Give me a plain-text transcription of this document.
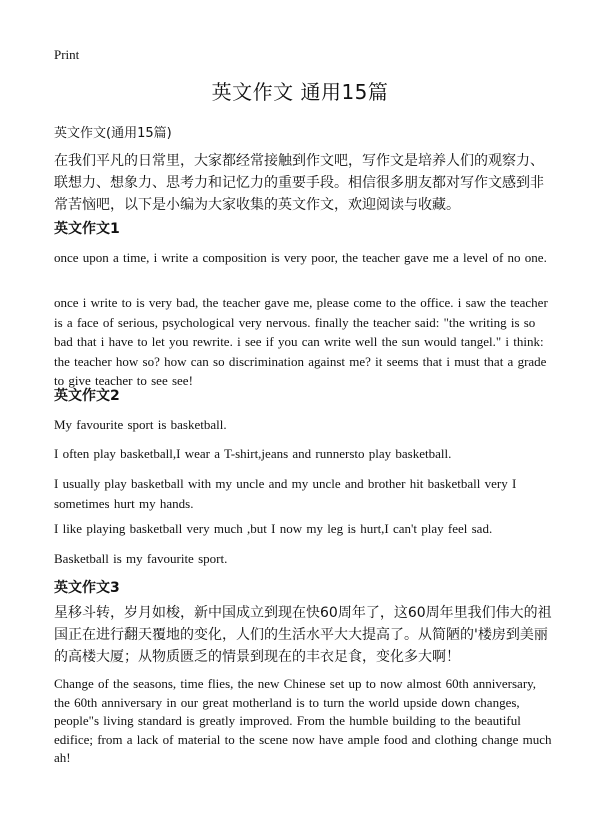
Print
英文作文 通用15篇
英文作文(通用15篇)
在我们平凡的日常里，大家都经常接触到作文吧，写作文是培养人们的观察力、联想力、想象力、思考力和记忆力的重要手段。相信很多朋友都对写作文感到非常苦恼吧，以下是小编为大家收集的英文作文，欢迎阅读与收藏。
英文作文1
once upon a time, i write a composition is very poor, the teacher gave me a level of no one.
once i write to is very bad, the teacher gave me, please come to the office. i saw the teacher is a face of serious, psychological very nervous. finally the teacher said: "the writing is so bad that i have to let you rewrite. i see if you can write well the sun would tangel." i think: the teacher how so? how can so discrimination against me? it seems that i must that a grade to give teacher to see see!
英文作文2
My favourite sport is basketball.
I often play basketball,I wear a T-shirt,jeans and runnersto play basketball.
I usually play basketball with my uncle and my uncle and brother hit basketball very I sometimes hurt my hands.
I like playing basketball very much ,but I now my leg is hurt,I can't play feel sad.
Basketball is my favourite sport.
英文作文3
星移斗转，岁月如梭，新中国成立到现在快60周年了，这60周年里我们伟大的祖国正在进行翻天覆地的变化，人们的生活水平大大提高了。从简陋的'楼房到美丽的高楼大厦；从物质匮乏的情景到现在的丰衣足食，变化多大啊！
Change of the seasons, time flies, the new Chinese set up to now almost 60th anniversary, the 60th anniversary in our great motherland is to turn the world upside down changes, people"s living standard is greatly improved. From the humble building to the beautiful edifice; from a lack of material to the scene now have ample food and clothing change much ah!
